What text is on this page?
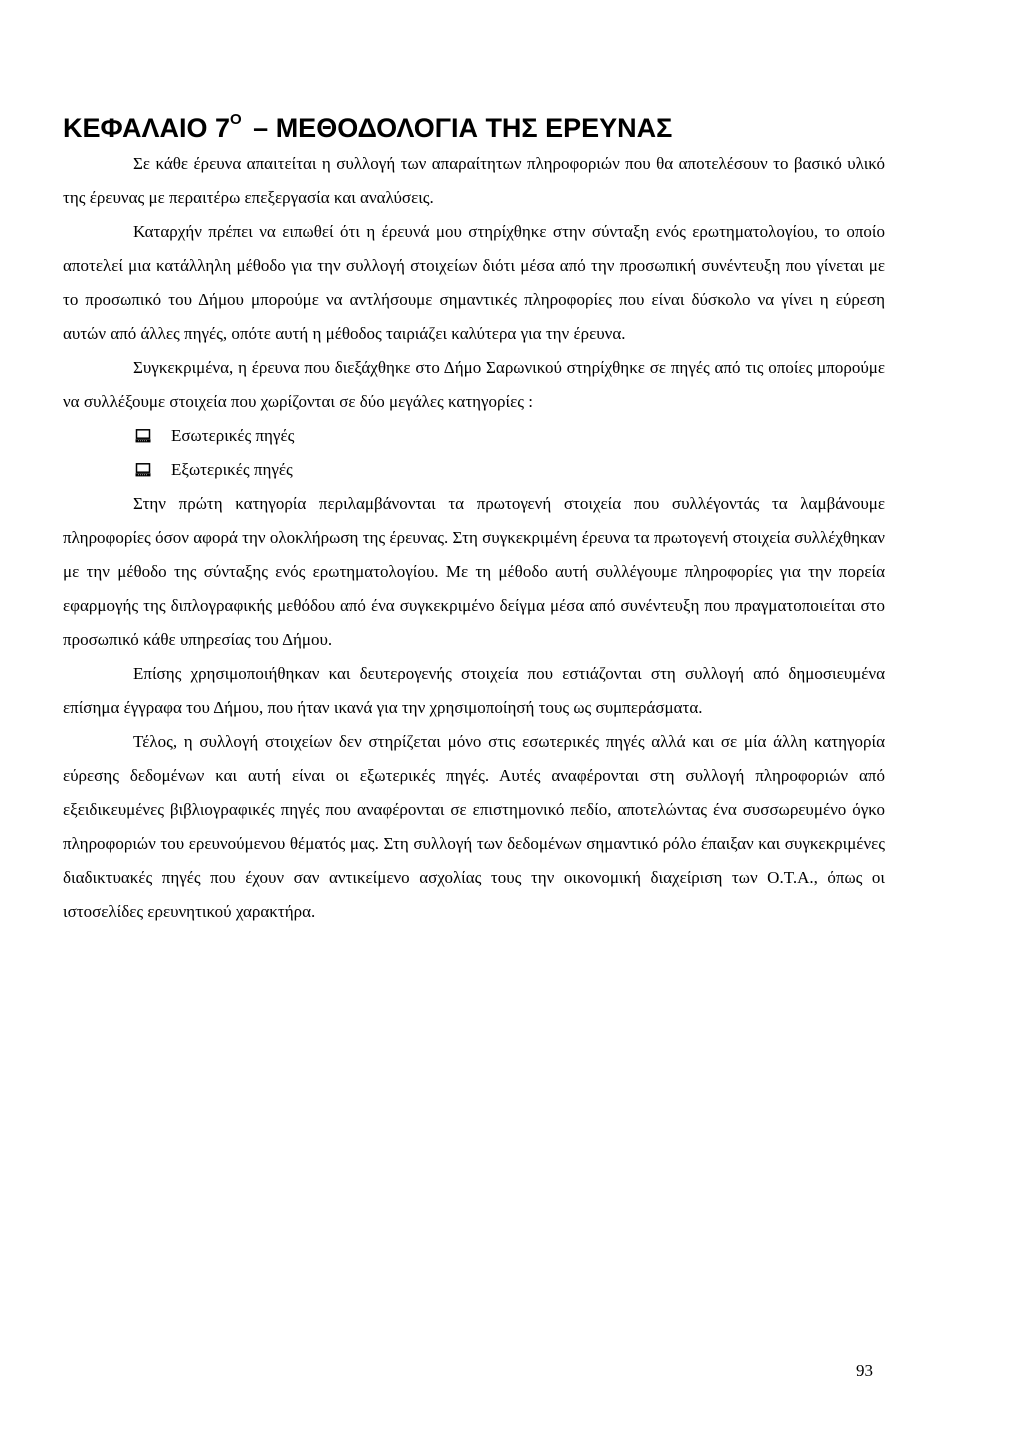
ΚΕΦΑΛΑΙΟ $7^O$ – ΜΕΘΟΔΟΛΟΓΙΑ ΤΗΣ ΕΡΕΥΝΑΣ

Σε κάθε έρευνα απαιτείται η συλλογή των απαραίτητων πληροφοριών που θα αποτελέσουν το βασικό υλικό της έρευνας με περαιτέρω επεξεργασία και αναλύσεις.

Καταρχήν πρέπει να ειπωθεί ότι η έρευνά μου στηρίχθηκε στην σύνταξη ενός ερωτηματολογίου, το οποίο αποτελεί μια κατάλληλη μέθοδο για την συλλογή στοιχείων διότι μέσα από την προσωπική συνέντευξη που γίνεται με το προσωπικό του Δήμου μπορούμε να αντλήσουμε σημαντικές πληροφορίες που είναι δύσκολο να γίνει η εύρεση αυτών από άλλες πηγές, οπότε αυτή η μέθοδος ταιριάζει καλύτερα για την έρευνα.

Συγκεκριμένα, η έρευνα που διεξάχθηκε στο Δήμο Σαρωνικού στηρίχθηκε σε πηγές από τις οποίες μπορούμε να συλλέξουμε στοιχεία που χωρίζονται σε δύο μεγάλες κατηγορίες :

Εσωτερικές πηγές
Εξωτερικές πηγές

Στην πρώτη κατηγορία περιλαμβάνονται τα πρωτογενή στοιχεία που συλλέγοντάς τα λαμβάνουμε πληροφορίες όσον αφορά την ολοκλήρωση της έρευνας. Στη συγκεκριμένη έρευνα τα πρωτογενή στοιχεία συλλέχθηκαν με την μέθοδο της σύνταξης ενός ερωτηματολογίου. Με τη μέθοδο αυτή συλλέγουμε πληροφορίες για την πορεία εφαρμογής της διπλογραφικής μεθόδου από ένα συγκεκριμένο δείγμα μέσα από συνέντευξη που πραγματοποιείται στο προσωπικό κάθε υπηρεσίας του Δήμου.

Επίσης χρησιμοποιήθηκαν και δευτερογενής στοιχεία που εστιάζονται στη συλλογή από δημοσιευμένα επίσημα έγγραφα του Δήμου, που ήταν ικανά για την χρησιμοποίησή τους ως συμπεράσματα.

Τέλος, η συλλογή στοιχείων δεν στηρίζεται μόνο στις εσωτερικές πηγές αλλά και σε μία άλλη κατηγορία εύρεσης δεδομένων και αυτή είναι οι εξωτερικές πηγές. Αυτές αναφέρονται στη συλλογή πληροφοριών από εξειδικευμένες βιβλιογραφικές πηγές που αναφέρονται σε επιστημονικό πεδίο, αποτελώντας ένα συσσωρευμένο όγκο πληροφοριών του ερευνούμενου θέματός μας. Στη συλλογή των δεδομένων σημαντικό ρόλο έπαιξαν και συγκεκριμένες διαδικτυακές πηγές που έχουν σαν αντικείμενο ασχολίας τους την οικονομική διαχείριση των Ο.Τ.Α., όπως οι ιστοσελίδες ερευνητικού χαρακτήρα.

93
